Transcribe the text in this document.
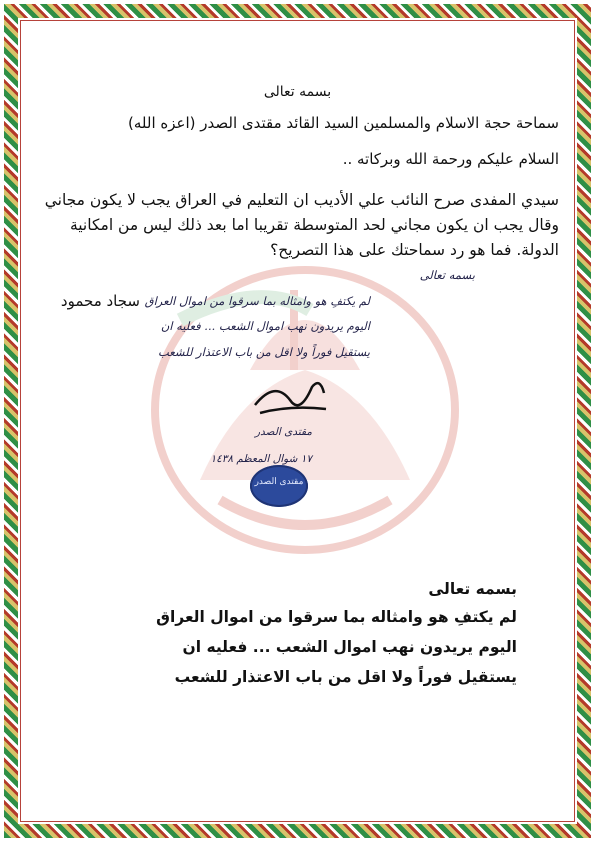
بسمه تعالى
سماحة حجة الاسلام والمسلمين السيد القائد مقتدى الصدر (اعزه الله)
السلام عليكم ورحمة الله وبركاته ..
سيدي المفدى صرح النائب علي الأديب ان التعليم في العراق يجب لا يكون مجاني وقال يجب ان يكون مجاني لحد المتوسطة تقريبا اما بعد ذلك ليس من امكانية الدولة. فما هو رد سماحتك على هذا التصريح؟
سجاد محمود
بسمه تعالى
لم يكتفِ هو وامثاله بما سرقوا من اموال العراق
اليوم يريدون نهب اموال الشعب ... فعليه ان
يستقيل فوراً ولا اقل من باب الاعتذار للشعب
مقتدى الصدر
١٧ شوال المعظم ١٤٣٨
مقتدى الصدر
بسمه تعالى
لم يكتفِ هو وامثاله بما سرقوا من اموال العراق
اليوم يريدون نهب اموال الشعب ... فعليه ان
يستقيل فوراً ولا اقل من باب الاعتذار للشعب
